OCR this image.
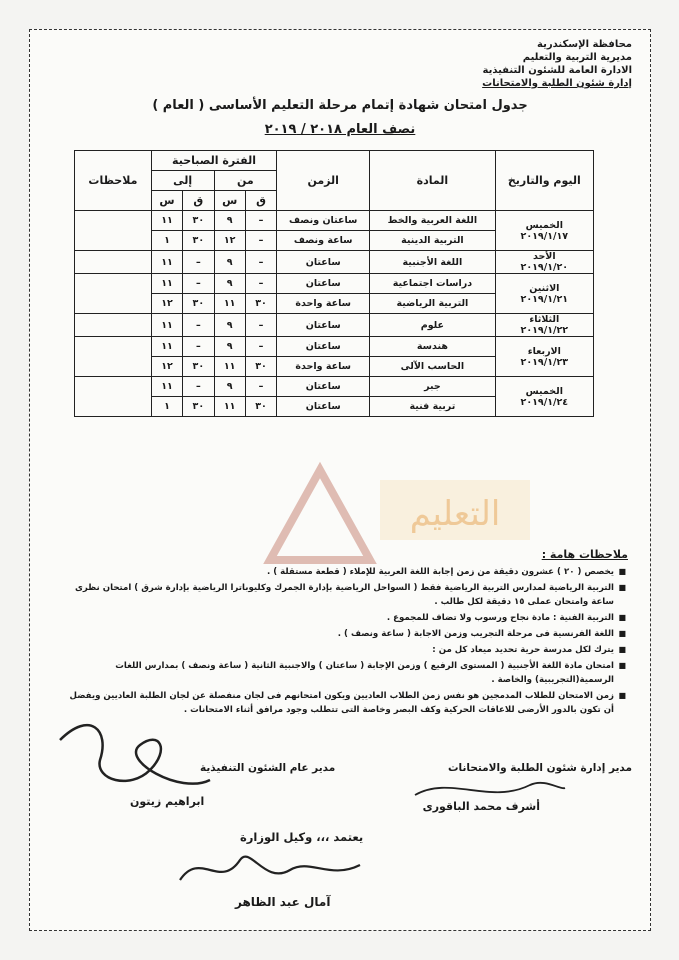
محافظة الإسكندرية
مديرية التربية والتعليم
الادارة العامة للشئون التنفيذية
إدارة شئون الطلبة والامتحانات
جدول امتحان شهادة إتمام مرحلة التعليم الأساسى ( العام )
نصف العام ٢٠١٨ / ٢٠١٩
اليوم والتاريخ	المادة	الزمن	الفترة الصباحية				ملاحظات
			من		إلى		
			ق	س	ق	س	

الخميس
٢٠١٩/١/١٧	اللغة العربية والخط	ساعتان ونصف	–	٩	٣٠	١١	
	التربية الدينية	ساعة ونصف	–	١٢	٣٠	١	

الأحد
٢٠١٩/١/٢٠	اللغة الأجنبية	ساعتان	–	٩	–	١١	

الاثنين
٢٠١٩/١/٢١	دراسات اجتماعية	ساعتان	–	٩	–	١١	
	التربية الرياضية	ساعة واحدة	٣٠	١١	٣٠	١٢	

الثلاثاء
٢٠١٩/١/٢٢	علوم	ساعتان	–	٩	–	١١	

الاربعاء
٢٠١٩/١/٢٣	هندسة	ساعتان	–	٩	–	١١	
	الحاسب الآلى	ساعة واحدة	٣٠	١١	٣٠	١٢	

الخميس
٢٠١٩/١/٢٤	جبر	ساعتان	–	٩	–	١١	
	تربية فنية	ساعتان	٣٠	١١	٣٠	١	
التعليم
ملاحظات هامة :
■ يخصص ( ٢٠ ) عشرون دقيقة من زمن إجابة اللغة العربية للإملاء ( قطعة مستقلة ) .
■ التربية الرياضية لمدارس التربية الرياضية فقط ( السواحل الرياضية بإدارة الجمرك وكليوباترا الرياضية بإدارة شرق ) امتحان نظرى ساعة وامتحان عملى ١٥ دقيقة لكل طالب .
■ التربية الفنية : مادة نجاح ورسوب ولا تضاف للمجموع .
■ اللغة الفرنسية فى مرحلة التجريب وزمن الاجابة ( ساعة ونصف ) .
■ يترك لكل مدرسة حرية تحديد ميعاد كل من :
■ امتحان مادة اللغة الأجنبية ( المستوى الرفيع ) وزمن الإجابة ( ساعتان ) والاجنبية الثانية ( ساعة ونصف ) بمدارس اللغات الرسمية(التجريبية) والخاصة .
■ زمن الامتحان للطلاب المدمجين هو نفس زمن الطلاب العاديين ويكون امتحانهم فى لجان منفصلة عن لجان الطلبة العاديين ويفضل أن تكون بالدور الأرضى للاعاقات الحركية وكف البصر وخاصة التى تتطلب وجود مرافق أثناء الامتحانات .
مدير عام الشئون التنفيذية
ابراهيم زيتون
مدير إدارة شئون الطلبة والامتحانات
أشرف محمد الباقورى
يعتمد ،،، وكيل الوزارة
آمال عبد الظاهر
